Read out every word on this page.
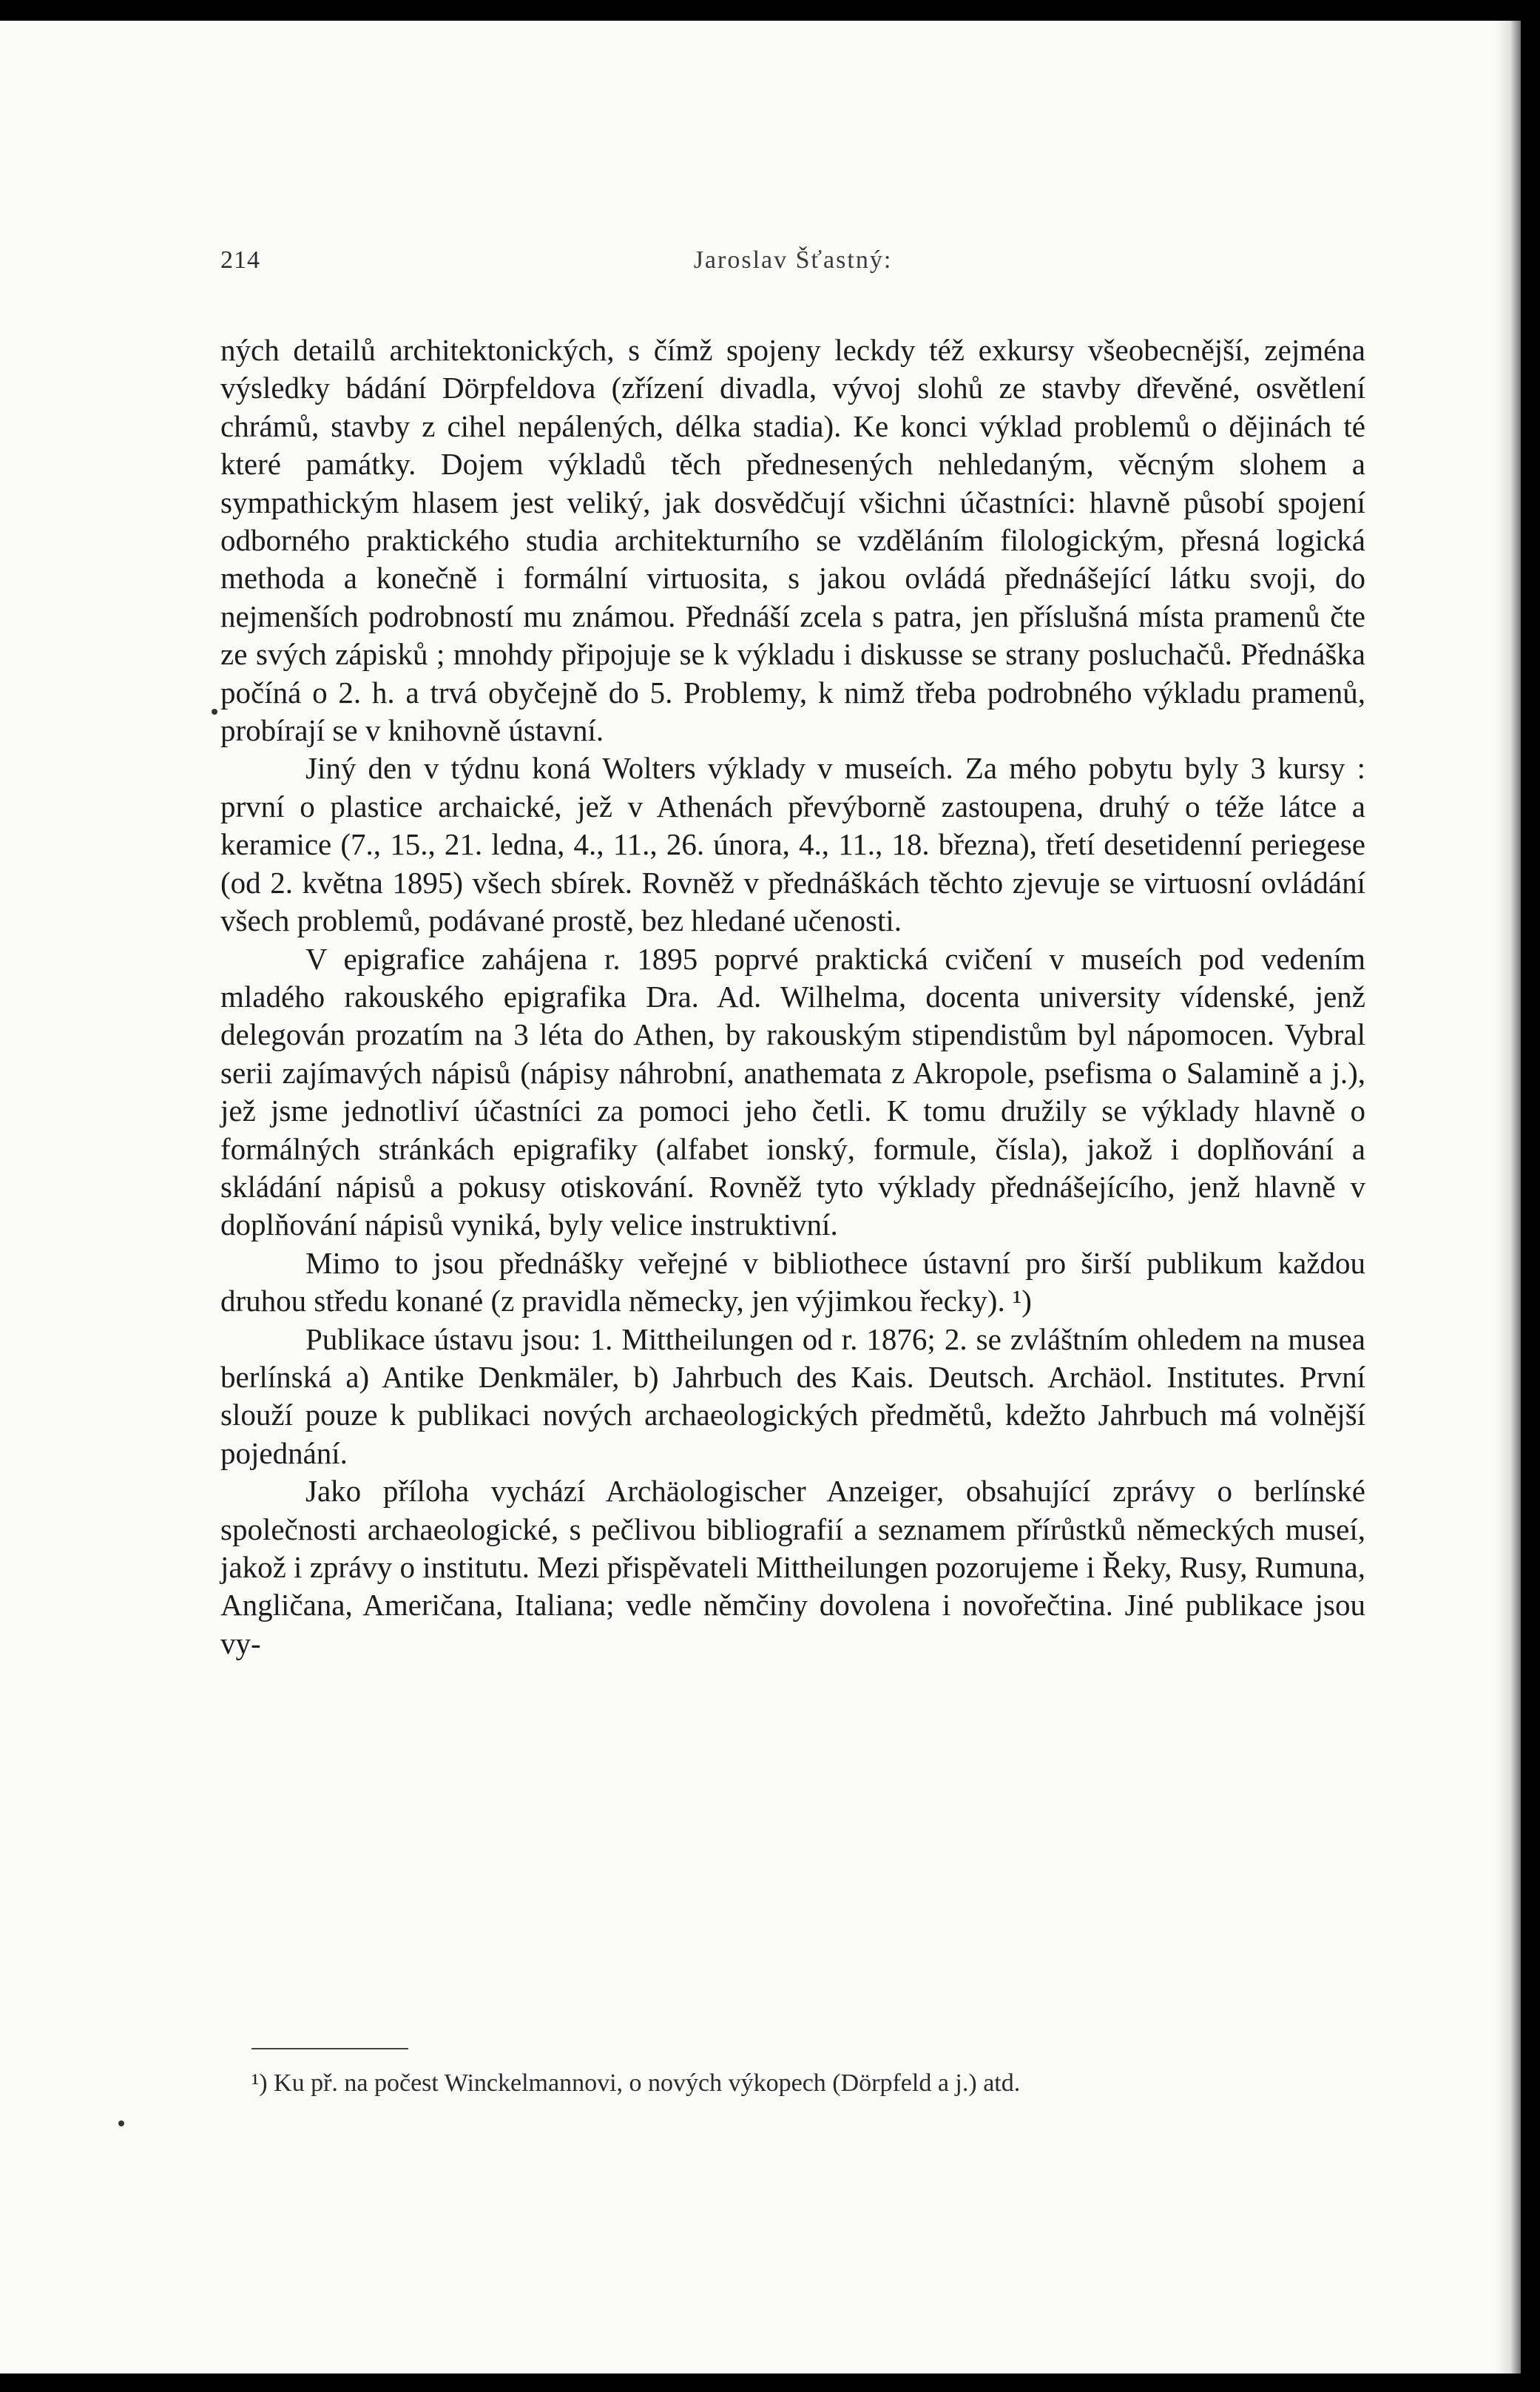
214	Jaroslav Šťastný:

ných detailů architektonických, s čímž spojeny leckdy též exkursy všeobecnější, zejména výsledky bádání Dörpfeldova (zřízení divadla, vývoj slohů ze stavby dřevěné, osvětlení chrámů, stavby z cihel nepálených, délka stadia). Ke konci výklad problemů o dějinách té které památky. Dojem výkladů těch přednesených nehledaným, věcným slohem a sympathickým hlasem jest veliký, jak dosvědčují všichni účastníci: hlavně působí spojení odborného praktického studia architekturního se vzděláním filologickým, přesná logická methoda a konečně i formální virtuosita, s jakou ovládá přednášející látku svoji, do nejmenších podrobností mu známou. Přednáší zcela s patra, jen příslušná místa pramenů čte ze svých zápisků ; mnohdy připojuje se k výkladu i diskusse se strany posluchačů. Přednáška počíná o 2. h. a trvá obyčejně do 5. Problemy, k nimž třeba podrobného výkladu pramenů, probírají se v knihovně ústavní.

Jiný den v týdnu koná Wolters výklady v museích. Za mého pobytu byly 3 kursy : první o plastice archaické, jež v Athenách převýborně zastoupena, druhý o téže látce a keramice (7., 15., 21. ledna, 4., 11., 26. února, 4., 11., 18. března), třetí desetidenní periegese (od 2. května 1895) všech sbírek. Rovněž v přednáškách těchto zjevuje se virtuosní ovládání všech problemů, podávané prostě, bez hledané učenosti.

V epigrafice zahájena r. 1895 poprvé praktická cvičení v museích pod vedením mladého rakouského epigrafika Dra. Ad. Wilhelma, docenta university vídenské, jenž delegován prozatím na 3 léta do Athen, by rakouským stipendistům byl nápomocen. Vybral serii zajímavých nápisů (nápisy náhrobní, anathemata z Akropole, psefisma o Salamině a j.), jež jsme jednotliví účastníci za pomoci jeho četli. K tomu družily se výklady hlavně o formálných stránkách epigrafiky (alfabet ionský, formule, čísla), jakož i doplňování a skládání nápisů a pokusy otiskování. Rovněž tyto výklady přednášejícího, jenž hlavně v doplňování nápisů vyniká, byly velice instruktivní.

Mimo to jsou přednášky veřejné v bibliothece ústavní pro širší publikum každou druhou středu konané (z pravidla německy, jen výjimkou řecky). ¹)

Publikace ústavu jsou: 1. Mittheilungen od r. 1876; 2. se zvláštním ohledem na musea berlínská a) Antike Denkmäler, b) Jahrbuch des Kais. Deutsch. Archäol. Institutes. První slouží pouze k publikaci nových archaeologických předmětů, kdežto Jahrbuch má volnější pojednání.

Jako příloha vychází Archäologischer Anzeiger, obsahující zprávy o berlínské společnosti archaeologické, s pečlivou bibliografií a seznamem přírůstků německých museí, jakož i zprávy o institutu. Mezi přispěvateli Mittheilungen pozorujeme i Řeky, Rusy, Rumuna, Angličana, Američana, Italiana; vedle němčiny dovolena i novořečtina. Jiné publikace jsou vy-

¹) Ku př. na počest Winckelmannovi, o nových výkopech (Dörpfeld a j.) atd.
